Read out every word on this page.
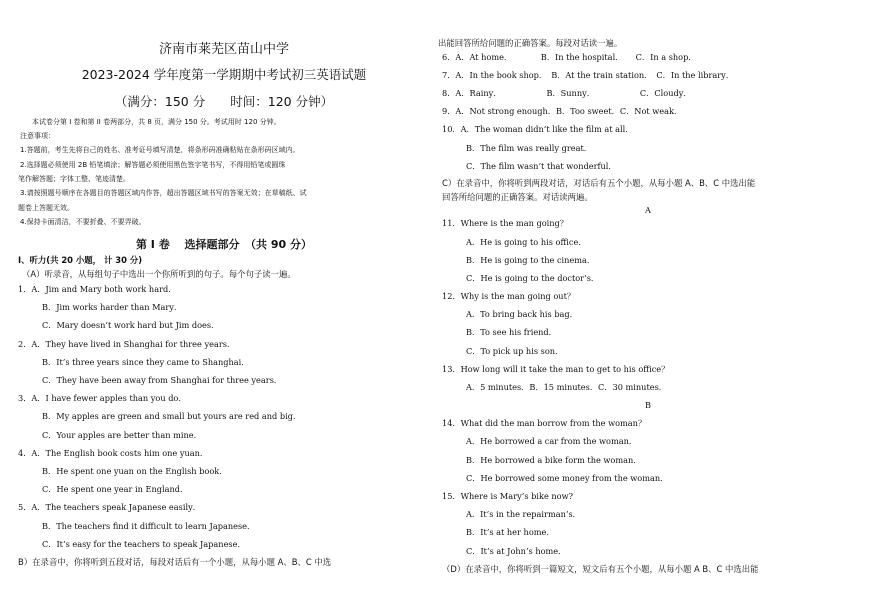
济南市莱芜区苗山中学
2023-2024 学年度第一学期期中考试初三英语试题
（满分：150 分　　时间：120 分钟）
本试卷分第 I 卷和第 II 卷两部分，共 8 页，满分 150 分。考试用时 120 分钟。
注意事项：
1.答题前，考生先将自己的姓名、准考证号填写清楚，将条形码准确粘贴在条形码区域内。
2.选择题必须使用 2B 铅笔填涂；解答题必须使用黑色签字笔书写，不得用铅笔或圆珠
笔作解答题；字体工整、笔迹清楚。
3.请按照题号顺序在各题目的答题区域内作答，超出答题区域书写的答案无效；在草稿纸、试
题卷上答题无效。
4.保持卡面清洁，不要折叠、不要弄破。
第 I 卷　 选择题部分　（共 90 分）
I、听力(共 20 小题， 计 30 分)
（A）听录音，从每组句子中选出一个你所听到的句子。每个句子读一遍。
1．A．Jim and Mary both work hard．
B．Jim works harder than Mary．
C．Mary doesn’t work hard but Jim does．
2．A．They have lived in Shanghai for three years．
B．It’s three years since they came to Shanghai．
C．They have been away from Shanghai for three years．
3．A．I have fewer apples than you do．
B．My apples are green and small but yours are red and big．
C．Your apples are better than mine．
4．A．The English book costs him one yuan．
B．He spent one yuan on the English book．
C．He spent one year in England．
5．A．The teachers speak Japanese easily．
B．The teachers find it difficult to learn Japanese．
C．It’s easy for the teachers to speak Japanese．
B）在录音中，你将听到五段对话，每段对话后有一个小题，从每小题 A、B、C 中选
出能回答所给问题的正确答案。每段对话读一遍。
6．A．At home．　　　　B．In the hospital．　　C．In a shop．
7．A．In the book shop．　B．At the train station．　C．In the library．
8．A．Rainy．　　　　　　B．Sunny．　　　　　　C．Cloudy．
9．A．Not strong enough．B．Too sweet．C．Not weak．
10．A．The woman didn’t like the film at all．
B．The film was really great．
C．The film wasn’t that wonderful．
C）在录音中，你将听到两段对话，对话后有五个小题，从每小题 A、B、C 中选出能
回答所给问题的正确答案。对话读两遍。
A
11．Where is the man going？
A．He is going to his office．
B．He is going to the cinema．
C．He is going to the doctor’s．
12．Why is the man going out？
A．To bring back his bag．
B．To see his friend．
C．To pick up his son．
13．How long will it take the man to get to his office？
A．5 minutes．B．15 minutes．C．30 minutes．
B
14．What did the man borrow from the woman？
A．He borrowed a car from the woman．
B．He borrowed a bike form the woman．
C．He borrowed some money from the woman．
15．Where is Mary’s bike now?
A．It’s in the repairman’s．
B．It’s at her home．
C．It’s at John’s home．
（D）在录音中，你将听到一篇短文，短文后有五个小题，从每小题 A B、C 中选出能
